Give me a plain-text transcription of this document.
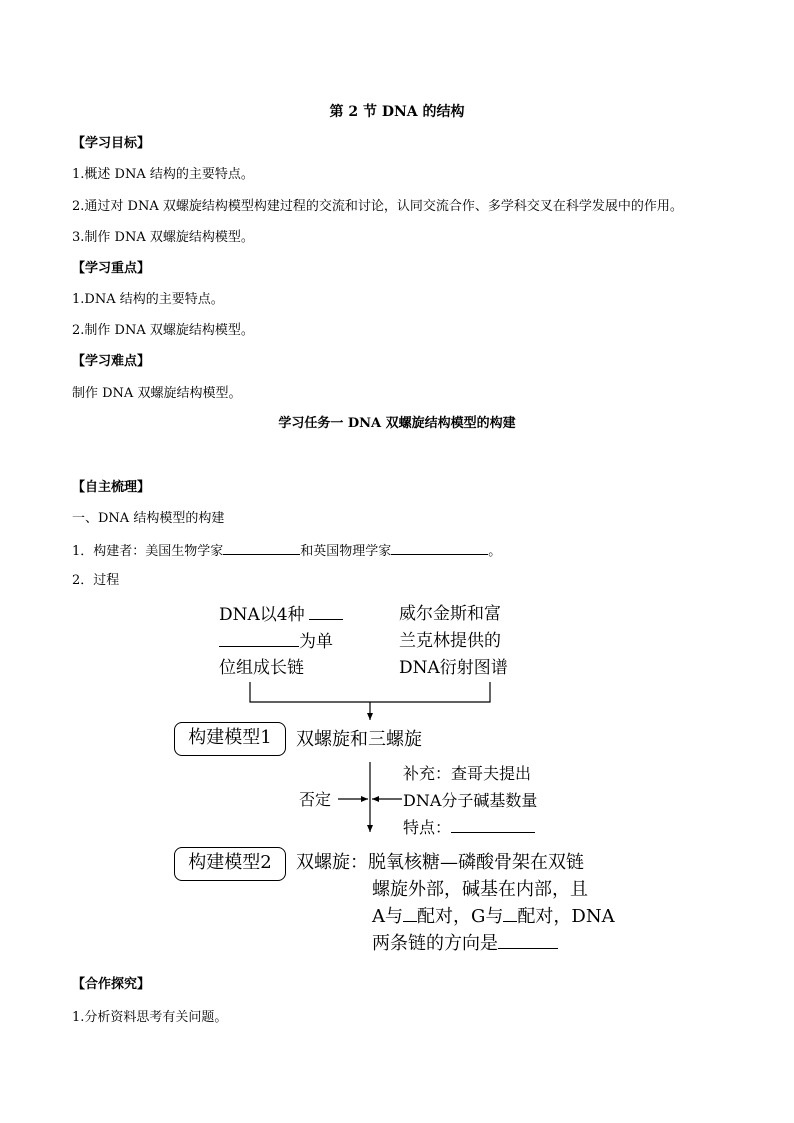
第 2 节 DNA 的结构
【学习目标】
1.概述 DNA 结构的主要特点。
2.通过对 DNA 双螺旋结构模型构建过程的交流和讨论，认同交流合作、多学科交叉在科学发展中的作用。
3.制作 DNA 双螺旋结构模型。
【学习重点】
1.DNA 结构的主要特点。
2.制作 DNA 双螺旋结构模型。
【学习难点】
制作 DNA 双螺旋结构模型。
学习任务一 DNA 双螺旋结构模型的构建
【自主梳理】
一、DNA 结构模型的构建
1．构建者：美国生物学家	和英国物理学家	。
2．过程
DNA以4种
为单
位组成长链
威尔金斯和富
兰克林提供的
DNA衍射图谱
构建模型1	双螺旋和三螺旋
否定
补充：查哥夫提出
DNA分子碱基数量
特点：
构建模型2	双螺旋：脱氧核糖—磷酸骨架在双链
螺旋外部，碱基在内部，且
A与 配对，G与 配对，DNA
两条链的方向是
【合作探究】
1.分析资料思考有关问题。
